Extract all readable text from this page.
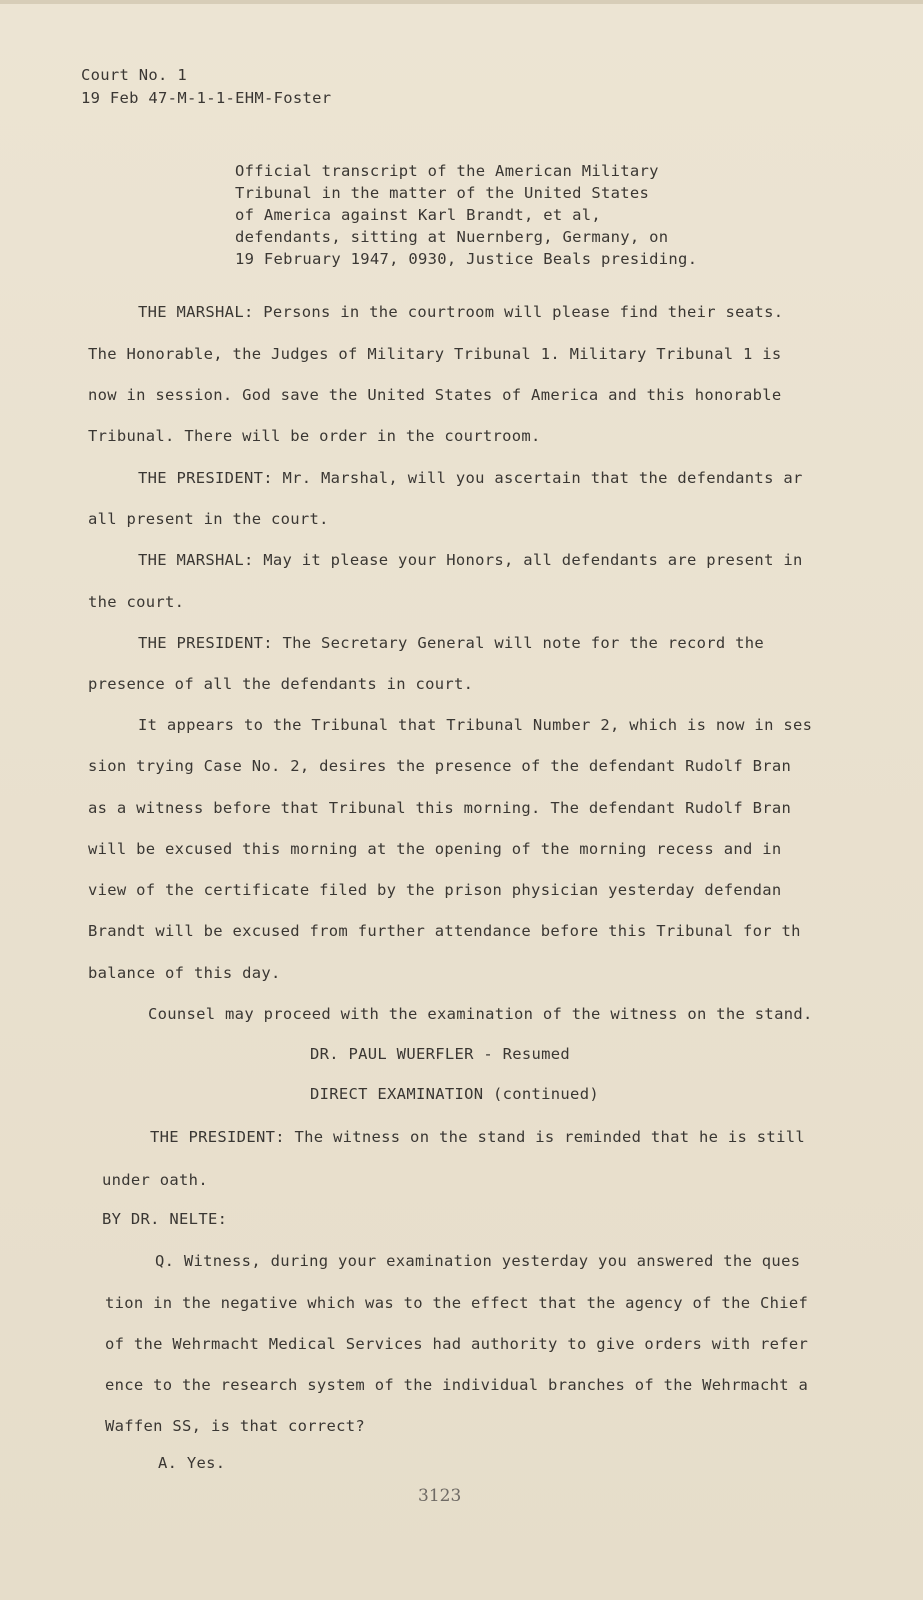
Court No. 1
19 Feb 47-M-1-1-EHM-Foster
Official transcript of the American Military
Tribunal in the matter of the United States
of America against Karl Brandt, et al,
defendants, sitting at Nuernberg, Germany, on
19 February 1947, 0930, Justice Beals presiding.
THE MARSHAL: Persons in the courtroom will please find their seats.
The Honorable, the Judges of Military Tribunal 1. Military Tribunal 1 is
now in session. God save the United States of America and this honorable
Tribunal. There will be order in the courtroom.
THE PRESIDENT: Mr. Marshal, will you ascertain that the defendants ar
all present in the court.
THE MARSHAL: May it please your Honors, all defendants are present in
the court.
THE PRESIDENT: The Secretary General will note for the record the
presence of all the defendants in court.
It appears to the Tribunal that Tribunal Number 2, which is now in ses
sion trying Case No. 2, desires the presence of the defendant Rudolf Bran
as a witness before that Tribunal this morning. The defendant Rudolf Bran
will be excused this morning at the opening of the morning recess and in
view of the certificate filed by the prison physician yesterday defendan
Brandt will be excused from further attendance before this Tribunal for th
balance of this day.
Counsel may proceed with the examination of the witness on the stand.
DR. PAUL WUERFLER - Resumed
DIRECT EXAMINATION (continued)
THE PRESIDENT: The witness on the stand is reminded that he is still
under oath.
BY DR. NELTE:
Q. Witness, during your examination yesterday you answered the ques
tion in the negative which was to the effect that the agency of the Chief
of the Wehrmacht Medical Services had authority to give orders with refer
ence to the research system of the individual branches of the Wehrmacht a
Waffen SS, is that correct?
A. Yes.
3123
